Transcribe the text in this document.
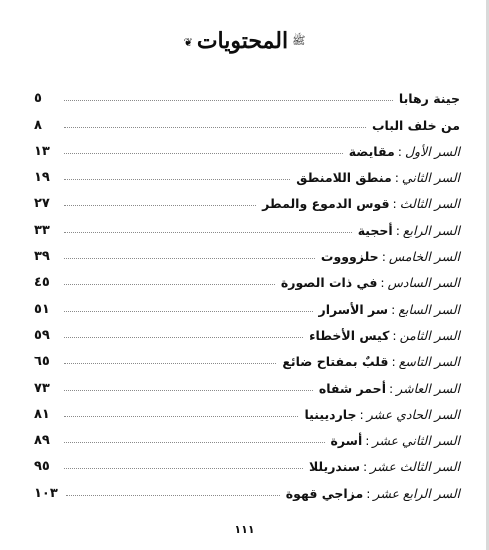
ﷺالمحتويات❦
٥	جينة رهابا
٨	من خلف الباب
١٣	السر الأول:مقايضة
١٩	السر الثاني:منطق اللامنطق
٢٧	السر الثالث:قوس الدموع والمطر
٣٣	السر الرابع:أحجية
٣٩	السر الخامس:حلزوووت
٤٥	السر السادس:في ذات الصورة
٥١	السر السابع:سر الأسرار
٥٩	السر الثامن:كيس الأخطاء
٦٥	السر التاسع:قلبٌ بمفتاح ضائع
٧٣	السر العاشر:أحمر شفاه
٨١	السر الحادي عشر:جارديينيا
٨٩	السر الثاني عشر:أسرة
٩٥	السر الثالث عشر:سندريللا
١٠٣	السر الرابع عشر:مزاجي قهوة
١١١
